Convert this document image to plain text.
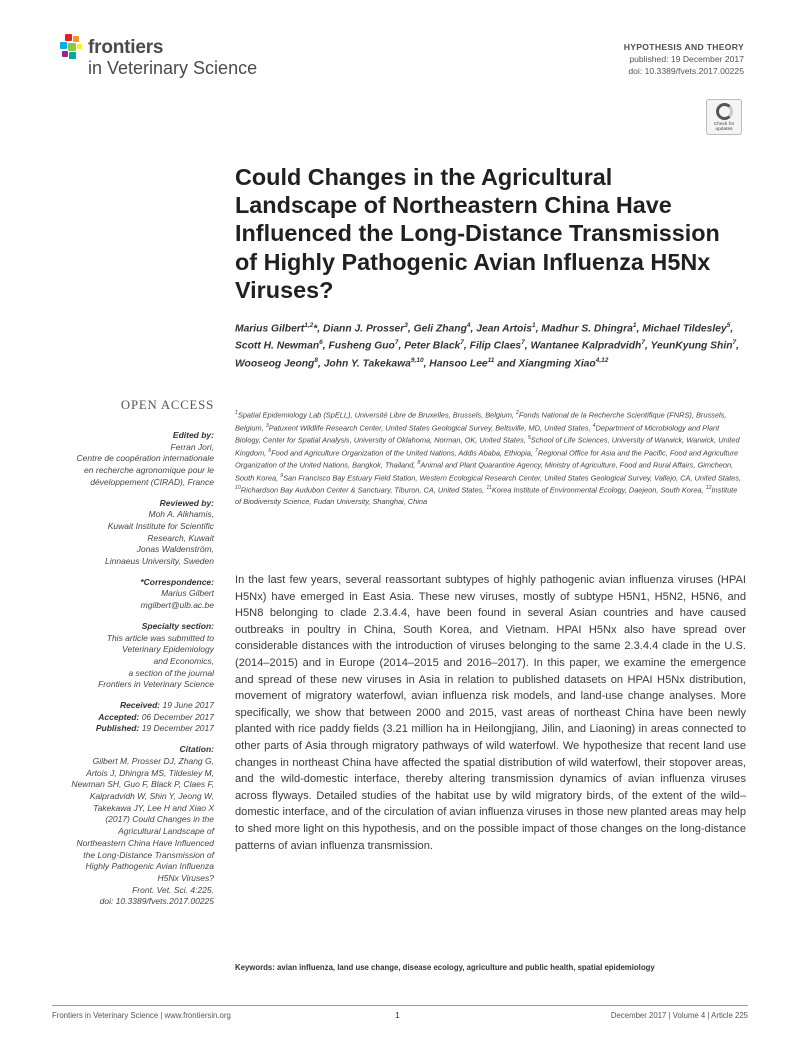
frontiers
in Veterinary Science
HYPOTHESIS AND THEORY
published: 19 December 2017
doi: 10.3389/fvets.2017.00225
Check for
updates
Could Changes in the Agricultural Landscape of Northeastern China Have Influenced the Long-Distance Transmission of Highly Pathogenic Avian Influenza H5Nx Viruses?
Marius Gilbert$^{1,2}$*, Diann J. Prosser$^3$, Geli Zhang$^4$, Jean Artois$^1$, Madhur S. Dhingra$^1$, Michael Tildesley$^5$, Scott H. Newman$^6$, Fusheng Guo$^7$, Peter Black$^7$, Filip Claes$^7$, Wantanee Kalpradvidh$^7$, YeunKyung Shin$^7$, Wooseog Jeong$^8$, John Y. Takekawa$^{9,10}$, Hansoo Lee$^{11}$ and Xiangming Xiao$^{4,12}$
OPEN ACCESS
$^1$Spatial Epidemiology Lab (SpELL), Université Libre de Bruxelles, Brussels, Belgium, $^2$Fonds National de la Recherche Scientifique (FNRS), Brussels, Belgium, $^3$Patuxent Wildlife Research Center, United States Geological Survey, Beltsville, MD, United States, $^4$Department of Microbiology and Plant Biology, Center for Spatial Analysis, University of Oklahoma, Norman, OK, United States, $^5$School of Life Sciences, University of Warwick, Warwick, United Kingdom, $^6$Food and Agriculture Organization of the United Nations, Addis Ababa, Ethiopia, $^7$Regional Office for Asia and the Pacific, Food and Agriculture Organization of the United Nations, Bangkok, Thailand, $^8$Animal and Plant Quarantine Agency, Ministry of Agriculture, Food and Rural Affairs, Gimcheon, South Korea, $^9$San Francisco Bay Estuary Field Station, Western Ecological Research Center, United States Geological Survey, Vallejo, CA, United States, $^{10}$Richardson Bay Audubon Center & Sanctuary, Tiburon, CA, United States, $^{11}$Korea Institute of Environmental Ecology, Daejeon, South Korea, $^{12}$Institute of Biodiversity Science, Fudan University, Shanghai, China
Edited by:
Ferran Jori,
Centre de coopération internationale
en recherche agronomique pour le
développement (CIRAD), France
Reviewed by:
Moh A. Alkhamis,
Kuwait Institute for Scientific
Research, Kuwait
Jonas Waldenström,
Linnaeus University, Sweden
*Correspondence:
Marius Gilbert
mgilbert@ulb.ac.be
Specialty section:
This article was submitted to
Veterinary Epidemiology
and Economics,
a section of the journal
Frontiers in Veterinary Science
Received: 19 June 2017
Accepted: 06 December 2017
Published: 19 December 2017
Citation:
Gilbert M, Prosser DJ, Zhang G,
Artois J, Dhingra MS, Tildesley M,
Newman SH, Guo F, Black P, Claes F,
Kalpradvidh W, Shin Y, Jeong W,
Takekawa JY, Lee H and Xiao X
(2017) Could Changes in the
Agricultural Landscape of
Northeastern China Have Influenced
the Long-Distance Transmission of
Highly Pathogenic Avian Influenza
H5Nx Viruses?
Front. Vet. Sci. 4:225.
doi: 10.3389/fvets.2017.00225

In the last few years, several reassortant subtypes of highly pathogenic avian influenza viruses (HPAI H5Nx) have emerged in East Asia. These new viruses, mostly of subtype H5N1, H5N2, H5N6, and H5N8 belonging to clade 2.3.4.4, have been found in several Asian countries and have caused outbreaks in poultry in China, South Korea, and Vietnam. HPAI H5Nx also have spread over considerable distances with the introduction of viruses belonging to the same 2.3.4.4 clade in the U.S. (2014–2015) and in Europe (2014–2015 and 2016–2017). In this paper, we examine the emergence and spread of these new viruses in Asia in relation to published datasets on HPAI H5Nx distribution, movement of migratory waterfowl, avian influenza risk models, and land-use change analyses. More specifically, we show that between 2000 and 2015, vast areas of northeast China have been newly planted with rice paddy fields (3.21 million ha in Heilongjiang, Jilin, and Liaoning) in areas connected to other parts of Asia through migratory pathways of wild waterfowl. We hypothesize that recent land use changes in northeast China have affected the spatial distribution of wild waterfowl, their stopover areas, and the wild-domestic interface, thereby altering transmission dynamics of avian influenza viruses across flyways. Detailed studies of the habitat use by wild migratory birds, of the extent of the wild–domestic interface, and of the circulation of avian influenza viruses in those new planted areas may help to shed more light on this hypothesis, and on the possible impact of those changes on the long-distance patterns of avian influenza transmission.

Keywords: avian influenza, land use change, disease ecology, agriculture and public health, spatial epidemiology
Frontiers in Veterinary Science | www.frontiersin.org	1	December 2017 | Volume 4 | Article 225
